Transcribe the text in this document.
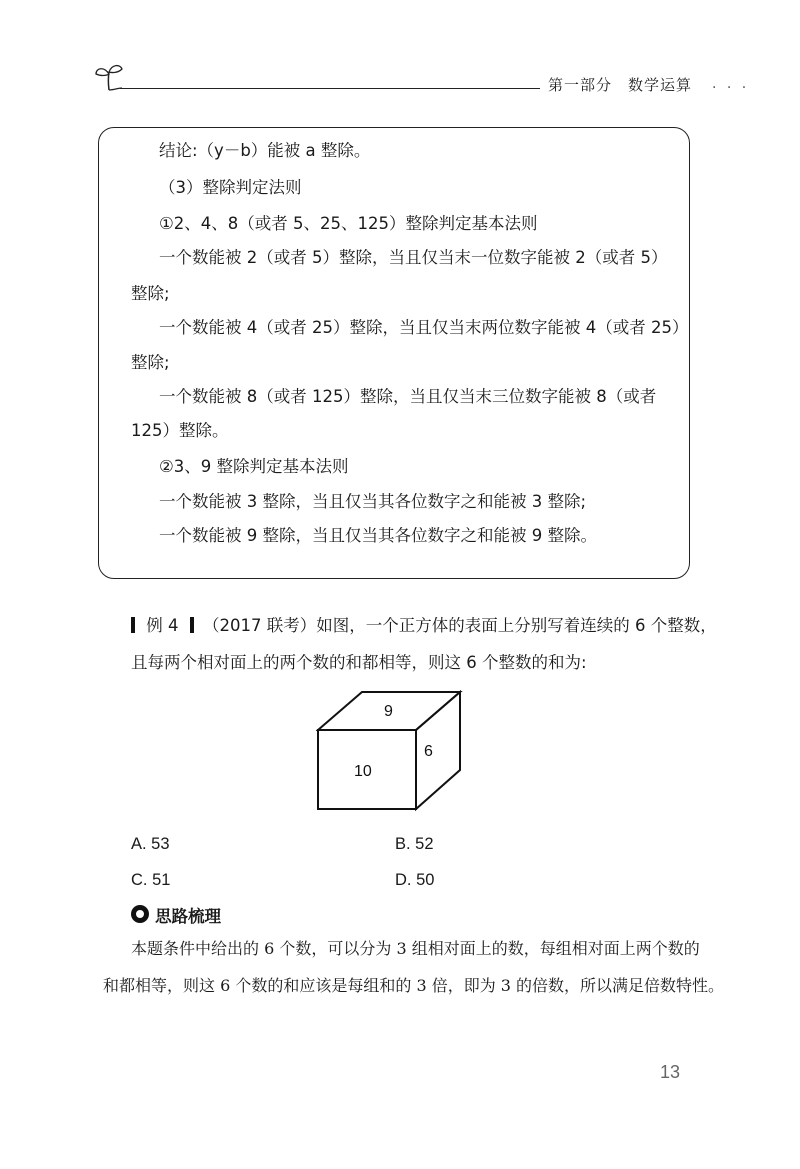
第一部分　数学运算 · · ·
结论:（y－b）能被 a 整除。
（3）整除判定法则
①2、4、8（或者 5、25、125）整除判定基本法则
一个数能被 2（或者 5）整除，当且仅当末一位数字能被 2（或者 5）
整除;
一个数能被 4（或者 25）整除，当且仅当末两位数字能被 4（或者 25）
整除;
一个数能被 8（或者 125）整除，当且仅当末三位数字能被 8（或者
125）整除。
②3、9 整除判定基本法则
一个数能被 3 整除，当且仅当其各位数字之和能被 3 整除;
一个数能被 9 整除，当且仅当其各位数字之和能被 9 整除。
例 4 （2017 联考）如图，一个正方体的表面上分别写着连续的 6 个整数，
且每两个相对面上的两个数的和都相等，则这 6 个整数的和为:
9
6
10
A. 53	B. 52
C. 51	D. 50
思路梳理
本题条件中给出的 6 个数，可以分为 3 组相对面上的数，每组相对面上两个数的
和都相等，则这 6 个数的和应该是每组和的 3 倍，即为 3 的倍数，所以满足倍数特性。
13
